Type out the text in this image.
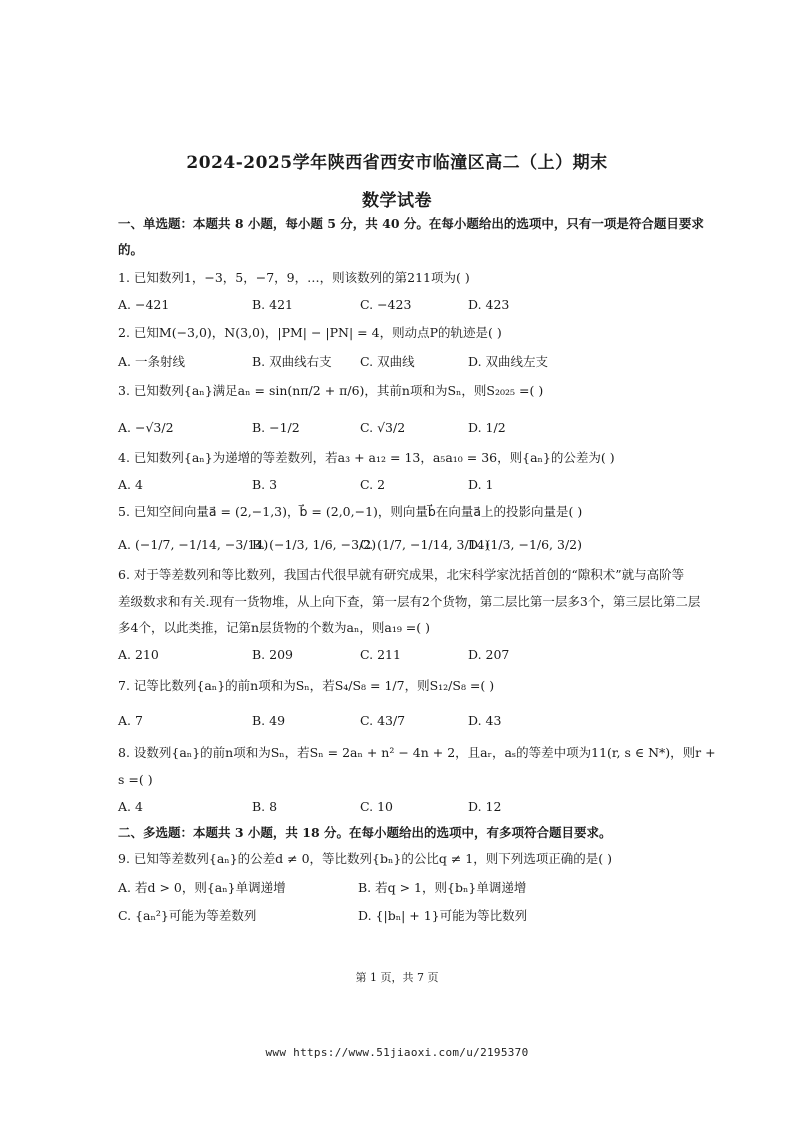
2024-2025学年陕西省西安市临潼区高二（上）期末
数学试卷
一、单选题：本题共 8 小题，每小题 5 分，共 40 分。在每小题给出的选项中，只有一项是符合题目要求
的。
1. 已知数列1，−3，5，−7，9，…，则该数列的第211项为( )
A. −421	B. 421	C. −423	D. 423
2. 已知M(−3,0)，N(3,0)，|PM| − |PN| = 4，则动点P的轨迹是( )
A. 一条射线	B. 双曲线右支 C. 双曲线	D. 双曲线左支
3. 已知数列{aₙ}满足aₙ = sin(nπ/2 + π/6)，其前n项和为Sₙ，则S₂₀₂₅ =( )
A. −√3/2	B. −1/2	C. √3/2	D. 1/2
4. 已知数列{aₙ}为递增的等差数列，若a₃ + a₁₂ = 13，a₅a₁₀ = 36，则{aₙ}的公差为( )
A. 4	B. 3	C. 2	D. 1
5. 已知空间向量a⃗ = (2,−1,3)，b⃗ = (2,0,−1)，则向量b⃗在向量a⃗上的投影向量是( )
A. (−1/7, −1/14, −3/14)
B. (−1/3, 1/6, −3/2)
C. (1/7, −1/14, 3/14)
D. (1/3, −1/6, 3/2)
6. 对于等差数列和等比数列，我国古代很早就有研究成果，北宋科学家沈括首创的“隙积术”就与高阶等
差级数求和有关.现有一货物堆，从上向下查，第一层有2个货物，第二层比第一层多3个，第三层比第二层
多4个，以此类推，记第n层货物的个数为aₙ，则a₁₉ =( )
A. 210	B. 209	C. 211	D. 207
7. 记等比数列{aₙ}的前n项和为Sₙ，若S₄/S₈ = 1/7，则S₁₂/S₈ =( )
A. 7	B. 49	C. 43/7	D. 43
8. 设数列{aₙ}的前n项和为Sₙ，若Sₙ = 2aₙ + n² − 4n + 2，且aᵣ，aₛ的等差中项为11(r, s ∈ N*)，则r +
s =( )
A. 4	B. 8	C. 10	D. 12
二、多选题：本题共 3 小题，共 18 分。在每小题给出的选项中，有多项符合题目要求。
9. 已知等差数列{aₙ}的公差d ≠ 0，等比数列{bₙ}的公比q ≠ 1，则下列选项正确的是( )
A. 若d > 0，则{aₙ}单调递增	B. 若q > 1，则{bₙ}单调递增
C. {aₙ²}可能为等差数列	D. {|bₙ| + 1}可能为等比数列
第 1 页，共 7 页
www https://www.51jiaoxi.com/u/2195370
